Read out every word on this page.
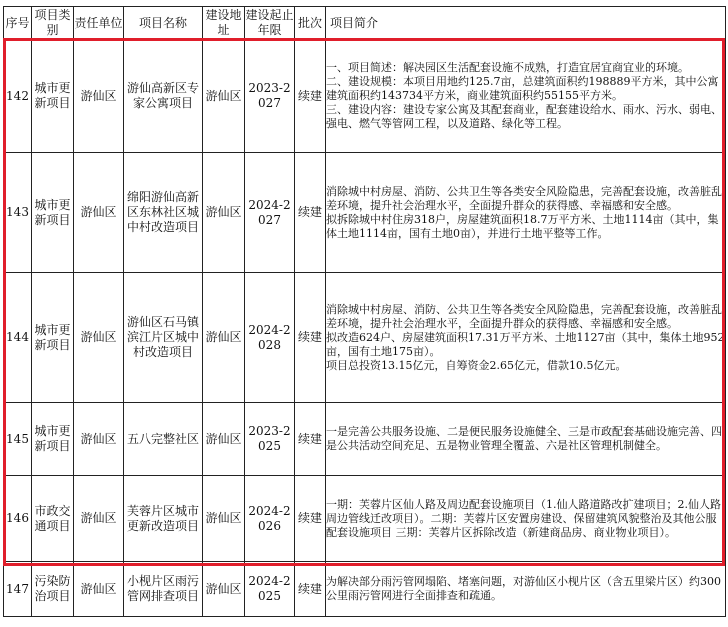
序号	项目类别	责任单位	项目名称	建设地址	建设起止年限	批次	项目简介
142	城市更新项目	游仙区	游仙高新区专家公寓项目	游仙区	2023-2027	续建	一、项目简述：解决园区生活配套设施不成熟，打造宜居宜商宜业的环境。

二、建设规模：本项目用地约125.7亩，总建筑面积约198889平方米，其中公寓建筑面积约143734平方米，商业建筑面积约55155平方米。

三、建设内容：建设专家公寓及其配套商业，配套建设给水、雨水、污水、弱电、强电、燃气等管网工程，以及道路、绿化等工程。

143	城市更新项目	游仙区	绵阳游仙高新区东林社区城中村改造项目	游仙区	2024-2027	续建	消除城中村房屋、消防、公共卫生等各类安全风险隐患，完善配套设施，改善脏乱差环境，提升社会治理水平，全面提升群众的获得感、幸福感和安全感。

拟拆除城中村住房318户，房屋建筑面积18.7万平方米、土地1114亩（其中，集体土地1114亩，国有土地0亩），并进行土地平整等工作。

144	城市更新项目	游仙区	游仙区石马镇滨江片区城中村改造项目	游仙区	2024-2028	续建	消除城中村房屋、消防、公共卫生等各类安全风险隐患，完善配套设施，改善脏乱差环境，提升社会治理水平，全面提升群众的获得感、幸福感和安全感。

拟改造624户、房屋建筑面积17.31万平方米、土地1127亩（其中，集体土地952亩，国有土地175亩）。

项目总投资13.15亿元，自筹资金2.65亿元，借款10.5亿元。

145	城市更新项目	游仙区	五八完整社区	游仙区	2023-2025	续建	一是完善公共服务设施、二是便民服务设施健全、三是市政配套基础设施完善、四是公共活动空间充足、五是物业管理全覆盖、六是社区管理机制健全。

146	市政交通项目	游仙区	芙蓉片区城市更新改造项目	游仙区	2024-2026	续建	一期：芙蓉片区仙人路及周边配套设施项目（1.仙人路道路改扩建项目；2.仙人路周边管线迁改项目）。二期：芙蓉片区安置房建设、保留建筑风貌整治及其他公服配套设施项目 三期：芙蓉片区拆除改造（新建商品房、商业物业项目）。

147	污染防治项目	游仙区	小枧片区雨污管网排查项目	游仙区	2024-2025	续建	为解决部分雨污管网塌陷、堵塞问题，对游仙区小枧片区（含五里梁片区）约300公里雨污管网进行全面排查和疏通。
